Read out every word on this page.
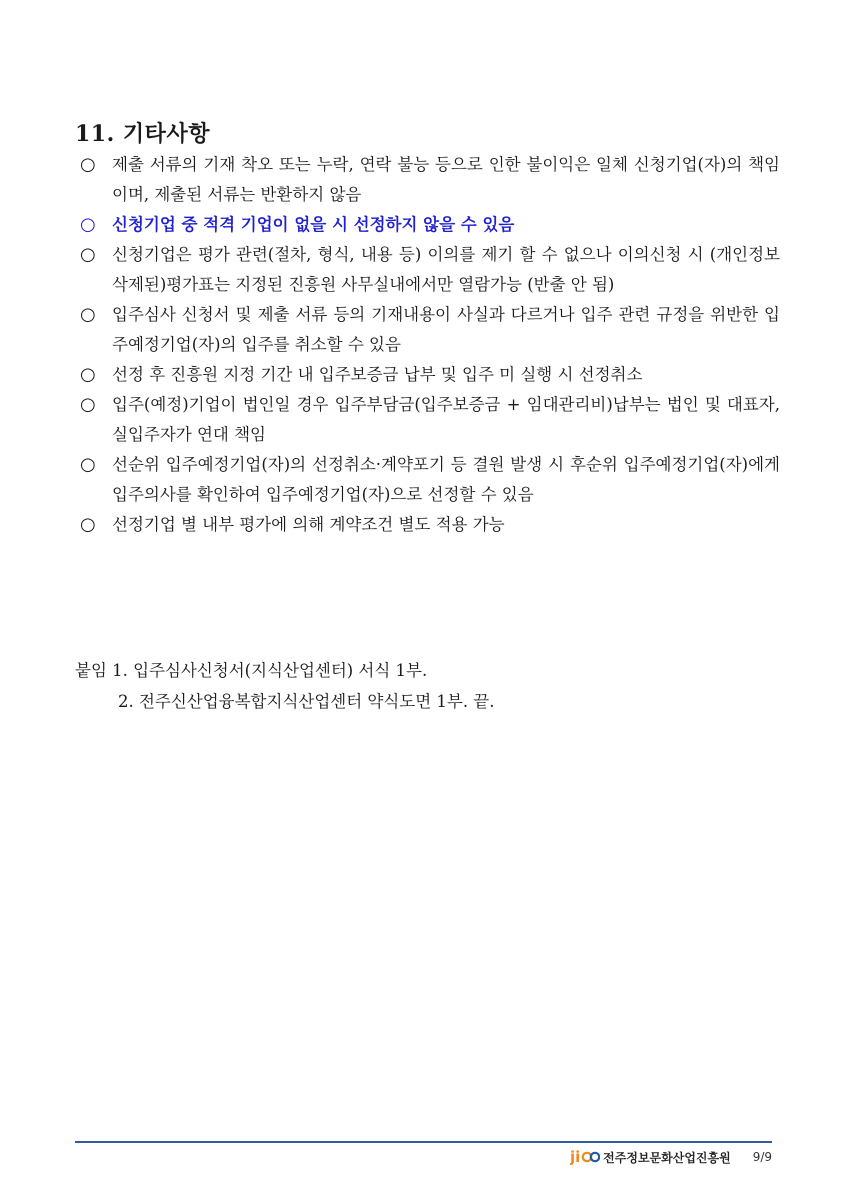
11. 기타사항
○ 제출 서류의 기재 착오 또는 누락, 연락 불능 등으로 인한 불이익은 일체 신청기업(자)의 책임이며, 제출된 서류는 반환하지 않음
○ 신청기업 중 적격 기업이 없을 시 선정하지 않을 수 있음
○ 신청기업은 평가 관련(절차, 형식, 내용 등) 이의를 제기 할 수 없으나 이의신청 시 (개인정보 삭제된)평가표는 지정된 진흥원 사무실내에서만 열람가능 (반출 안 됨)
○ 입주심사 신청서 및 제출 서류 등의 기재내용이 사실과 다르거나 입주 관련 규정을 위반한 입주예정기업(자)의 입주를 취소할 수 있음
○ 선정 후 진흥원 지정 기간 내 입주보증금 납부 및 입주 미 실행 시 선정취소
○ 입주(예정)기업이 법인일 경우 입주부담금(입주보증금 + 임대관리비)납부는 법인 및 대표자, 실입주자가 연대 책임
○ 선순위 입주예정기업(자)의 선정취소·계약포기 등 결원 발생 시 후순위 입주예정기업(자)에게 입주의사를 확인하여 입주예정기업(자)으로 선정할 수 있음
○ 선정기업 별 내부 평가에 의해 계약조건 별도 적용 가능
붙임 1. 입주심사신청서(지식산업센터) 서식 1부.
2. 전주신산업융복합지식산업센터 약식도면 1부. 끝.
ji 전주정보문화산업진흥원 9/9
